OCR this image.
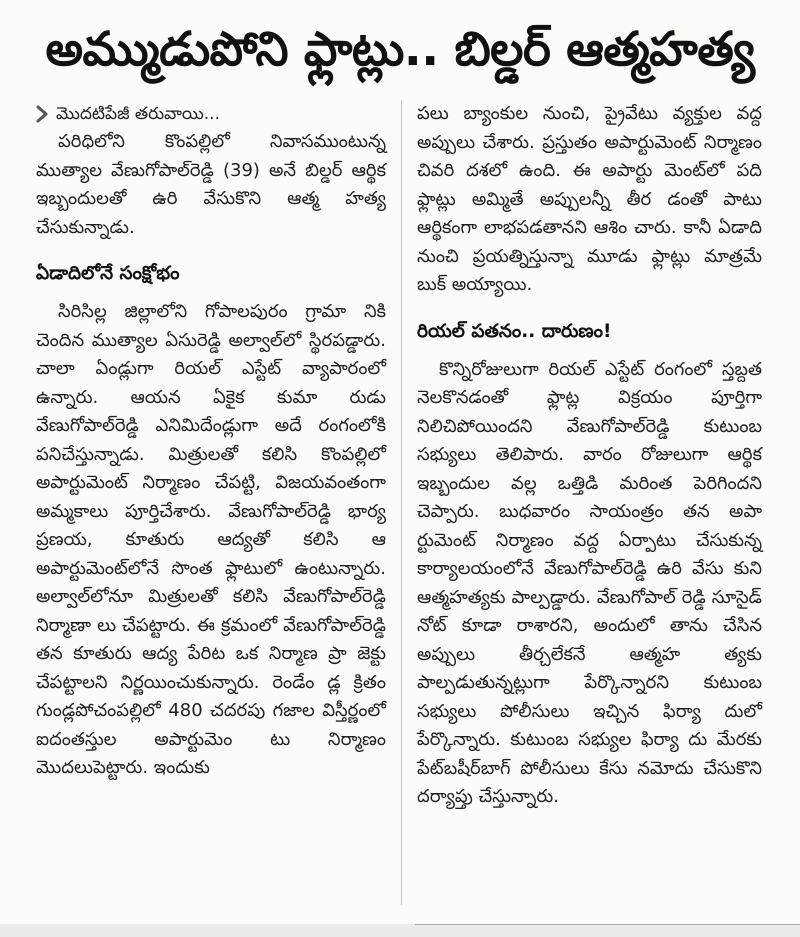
అమ్ముడుపోని ఫ్లాట్లు.. బిల్డర్ ఆత్మహత్య
మొదటిపేజీ తరువాయి...

పరిధిలోని కొంపల్లిలో నివాసముంటున్న ముత్యాల వేణుగోపాల్‌రెడ్డి (39) అనే బిల్డర్ ఆర్థిక ఇబ్బందులతో ఉరి వేసుకొని ఆత్మ హత్య చేసుకున్నాడు.

ఏడాదిలోనే సంక్షోభం

సిరిసిల్ల జిల్లాలోని గోపాలపురం గ్రామా నికి చెందిన ముత్యాల ఏసురెడ్డి అల్వాల్‌లో స్థిరపడ్డారు. చాలా ఏండ్లుగా రియల్ ఎస్టేట్ వ్యాపారంలో ఉన్నారు. ఆయన ఏకైక కుమా రుడు వేణుగోపాల్‌రెడ్డి ఎనిమిదేండ్లుగా అదే రంగంలోకి పనిచేస్తున్నాడు. మిత్రులతో కలిసి కొంపల్లిలో అపార్టుమెంట్ నిర్మాణం చేపట్టి, విజయవంతంగా అమ్మకాలు పూర్తిచేశారు. వేణుగోపాల్‌రెడ్డి భార్య ప్రణయ, కూతురు ఆద్యతో కలిసి ఆ అపార్టుమెంట్‌లోనే సొంత ఫ్లాటులో ఉంటున్నారు. అల్వాల్‌లోనూ మిత్రులతో కలిసి వేణుగోపాల్‌రెడ్డి నిర్మాణా లు చేపట్టారు. ఈ క్రమంలో వేణుగోపాల్‌రెడ్డి తన కూతురు ఆద్య పేరిట ఒక నిర్మాణ ప్రా జెక్టు చేపట్టాలని నిర్ణయించుకున్నారు. రెండేం డ్ల క్రితం గుండ్లపోచంపల్లిలో 480 చదరపు గజాల విస్తీర్ణంలో ఐదంతస్తుల అపార్టుమెం టు నిర్మాణం మొదలుపెట్టారు. ఇందుకు

పలు బ్యాంకుల నుంచి, ప్రైవేటు వ్యక్తుల వద్ద అప్పులు చేశారు. ప్రస్తుతం అపార్టుమెంట్ నిర్మాణం చివరి దశలో ఉంది. ఈ అపార్టు మెంట్‌లో పది ఫ్లాట్లు అమ్మితే అప్పులన్నీ తీర డంతో పాటు ఆర్థికంగా లాభపడతానని ఆశిం చారు. కానీ ఏడాది నుంచి ప్రయత్నిస్తున్నా మూడు ఫ్లాట్లు మాత్రమే బుక్ అయ్యాయి.

రియల్ పతనం.. దారుణం!

కొన్నిరోజులుగా రియల్ ఎస్టేట్ రంగంలో స్తబ్దత నెలకొనడంతో ఫ్లాట్ల విక్రయం పూర్తిగా నిలిచిపోయిందని వేణుగోపాల్‌రెడ్డి కుటుంబ సభ్యులు తెలిపారు. వారం రోజులుగా ఆర్థిక ఇబ్బందుల వల్ల ఒత్తిడి మరింత పెరిగిందని చెప్పారు. బుధవారం సాయంత్రం తన అపా ర్టుమెంట్ నిర్మాణం వద్ద ఏర్పాటు చేసుకున్న కార్యాలయంలోనే వేణుగోపాల్‌రెడ్డి ఉరి వేసు కుని ఆత్మహత్యకు పాల్పడ్డారు. వేణుగోపాల్ రెడ్డి సూసైడ్ నోట్ కూడా రాశారని, అందులో తాను చేసిన అప్పులు తీర్చలేకనే ఆత్మహ త్యకు పాల్పడుతున్నట్లుగా పేర్కొన్నారని కుటుంబ సభ్యులు పోలీసులు ఇచ్చిన ఫిర్యా దులో పేర్కొన్నారు. కుటుంబ సభ్యుల ఫిర్యా దు మేరకు పేట్‌బషీర్‌బాగ్ పోలీసులు కేసు నమోదు చేసుకొని దర్యాప్తు చేస్తున్నారు.
